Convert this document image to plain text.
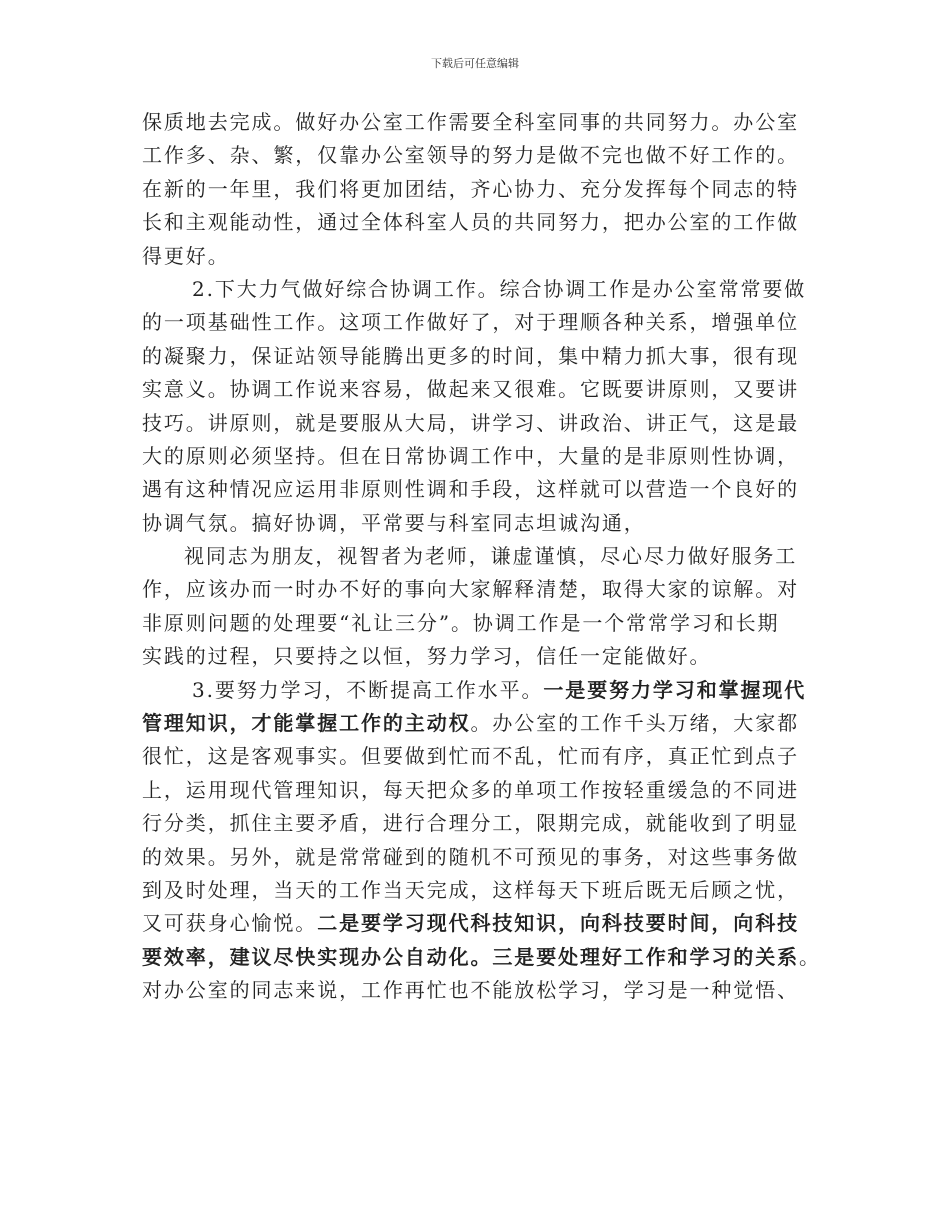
下载后可任意编辑
保质地去完成。做好办公室工作需要全科室同事的共同努力。办公室
工作多、杂、繁，仅靠办公室领导的努力是做不完也做不好工作的。
在新的一年里，我们将更加团结，齐心协力、充分发挥每个同志的特
长和主观能动性，通过全体科室人员的共同努力，把办公室的工作做
得更好。
2.下大力气做好综合协调工作。综合协调工作是办公室常常要做
的一项基础性工作。这项工作做好了，对于理顺各种关系，增强单位
的凝聚力，保证站领导能腾出更多的时间，集中精力抓大事，很有现
实意义。协调工作说来容易，做起来又很难。它既要讲原则，又要讲
技巧。讲原则，就是要服从大局，讲学习、讲政治、讲正气，这是最
大的原则必须坚持。但在日常协调工作中，大量的是非原则性协调，
遇有这种情况应运用非原则性调和手段，这样就可以营造一个良好的
协调气氛。搞好协调，平常要与科室同志坦诚沟通，
视同志为朋友，视智者为老师，谦虚谨慎，尽心尽力做好服务工
作，应该办而一时办不好的事向大家解释清楚，取得大家的谅解。对
非原则问题的处理要“礼让三分”。协调工作是一个常常学习和长期
实践的过程，只要持之以恒，努力学习，信任一定能做好。
3.要努力学习，不断提高工作水平。一是要努力学习和掌握现代
管理知识，才能掌握工作的主动权。办公室的工作千头万绪，大家都
很忙，这是客观事实。但要做到忙而不乱，忙而有序，真正忙到点子
上，运用现代管理知识，每天把众多的单项工作按轻重缓急的不同进
行分类，抓住主要矛盾，进行合理分工，限期完成，就能收到了明显
的效果。另外，就是常常碰到的随机不可预见的事务，对这些事务做
到及时处理，当天的工作当天完成，这样每天下班后既无后顾之忧，
又可获身心愉悦。二是要学习现代科技知识，向科技要时间，向科技
要效率，建议尽快实现办公自动化。三是要处理好工作和学习的关系。
对办公室的同志来说，工作再忙也不能放松学习，学习是一种觉悟、
